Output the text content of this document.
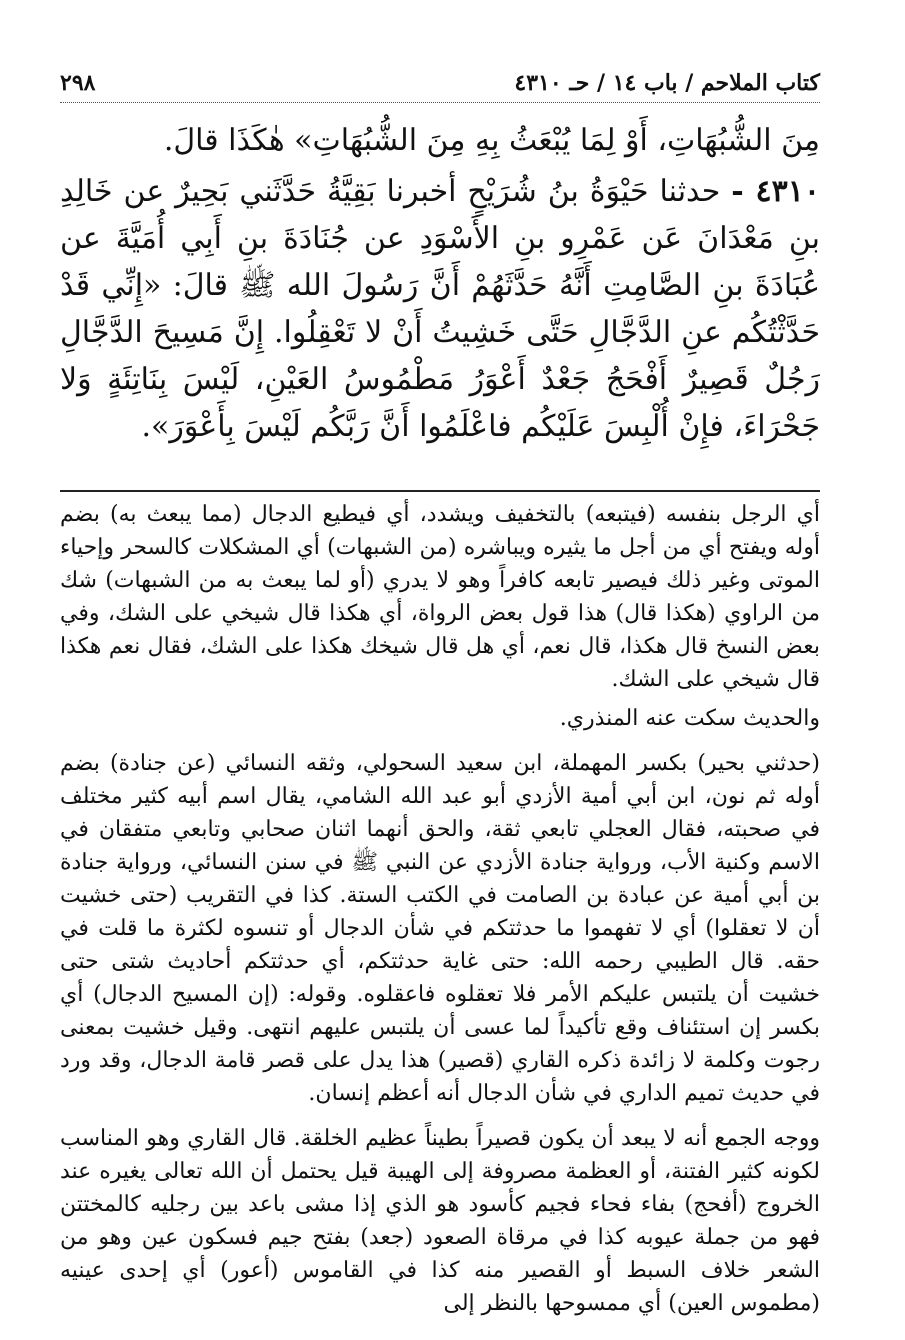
٢٩٨	كتاب الملاحم / باب ١٤ / حـ ٤٣١٠

مِنَ الشُّبُهَاتِ، أَوْ لِمَا يُبْعَثُ بِهِ مِنَ الشُّبُهَاتِ» هٰكَذَا قالَ.

٤٣١٠ - حدثنا حَيْوَةُ بنُ شُرَيْحٍ أخبرنا بَقِيَّةُ حَدَّثَني بَحِيرٌ عن خَالِدِ بنِ مَعْدَانَ عَن عَمْرِو بنِ الأَسْوَدِ عن جُنَادَةَ بنِ أَبِي أُمَيَّةَ عن عُبَادَةَ بنِ الصَّامِتِ أَنَّهُ حَدَّثَهُمْ أَنَّ رَسُولَ الله ﷺ قالَ: «إِنِّي قَدْ حَدَّثْتُكُم عنِ الدَّجَّالِ حَتَّى خَشِيتُ أَنْ لا تَعْقِلُوا. إِنَّ مَسِيحَ الدَّجَّالِ رَجُلٌ قَصِيرٌ أَفْحَجُ جَعْدٌ أَعْوَرُ مَطْمُوسُ العَيْنِ، لَيْسَ بِنَاتِئَةٍ وَلا جَحْرَاءَ، فإِنْ أُلْبِسَ عَلَيْكُم فاعْلَمُوا أَنَّ رَبَّكُم لَيْسَ بِأَعْوَرَ».

أي الرجل بنفسه (فيتبعه) بالتخفيف ويشدد، أي فيطيع الدجال (مما يبعث به) بضم أوله ويفتح أي من أجل ما يثيره ويباشره (من الشبهات) أي المشكلات كالسحر وإحياء الموتى وغير ذلك فيصير تابعه كافراً وهو لا يدري (أو لما يبعث به من الشبهات) شك من الراوي (هكذا قال) هذا قول بعض الرواة، أي هكذا قال شيخي على الشك، وفي بعض النسخ قال هكذا، قال نعم، أي هل قال شيخك هكذا على الشك، فقال نعم هكذا قال شيخي على الشك.

والحديث سكت عنه المنذري.

(حدثني بحير) بكسر المهملة، ابن سعيد السحولي، وثقه النسائي (عن جنادة) بضم أوله ثم نون، ابن أبي أمية الأزدي أبو عبد الله الشامي، يقال اسم أبيه كثير مختلف في صحبته، فقال العجلي تابعي ثقة، والحق أنهما اثنان صحابي وتابعي متفقان في الاسم وكنية الأب، ورواية جنادة الأزدي عن النبي ﷺ في سنن النسائي، ورواية جنادة بن أبي أمية عن عبادة بن الصامت في الكتب الستة. كذا في التقريب (حتى خشيت أن لا تعقلوا) أي لا تفهموا ما حدثتكم في شأن الدجال أو تنسوه لكثرة ما قلت في حقه. قال الطيبي رحمه الله: حتى غاية حدثتكم، أي حدثتكم أحاديث شتى حتى خشيت أن يلتبس عليكم الأمر فلا تعقلوه فاعقلوه. وقوله: (إن المسيح الدجال) أي بكسر إن استئناف وقع تأكيداً لما عسى أن يلتبس عليهم انتهى. وقيل خشيت بمعنى رجوت وكلمة لا زائدة ذكره القاري (قصير) هذا يدل على قصر قامة الدجال، وقد ورد في حديث تميم الداري في شأن الدجال أنه أعظم إنسان.

ووجه الجمع أنه لا يبعد أن يكون قصيراً بطيناً عظيم الخلقة. قال القاري وهو المناسب لكونه كثير الفتنة، أو العظمة مصروفة إلى الهيبة قيل يحتمل أن الله تعالى يغيره عند الخروج (أفحج) بفاء فحاء فجيم كأسود هو الذي إذا مشى باعد بين رجليه كالمختتن فهو من جملة عيوبه كذا في مرقاة الصعود (جعد) بفتح جيم فسكون عين وهو من الشعر خلاف السبط أو القصير منه كذا في القاموس (أعور) أي إحدى عينيه (مطموس العين) أي ممسوحها بالنظر إلى
